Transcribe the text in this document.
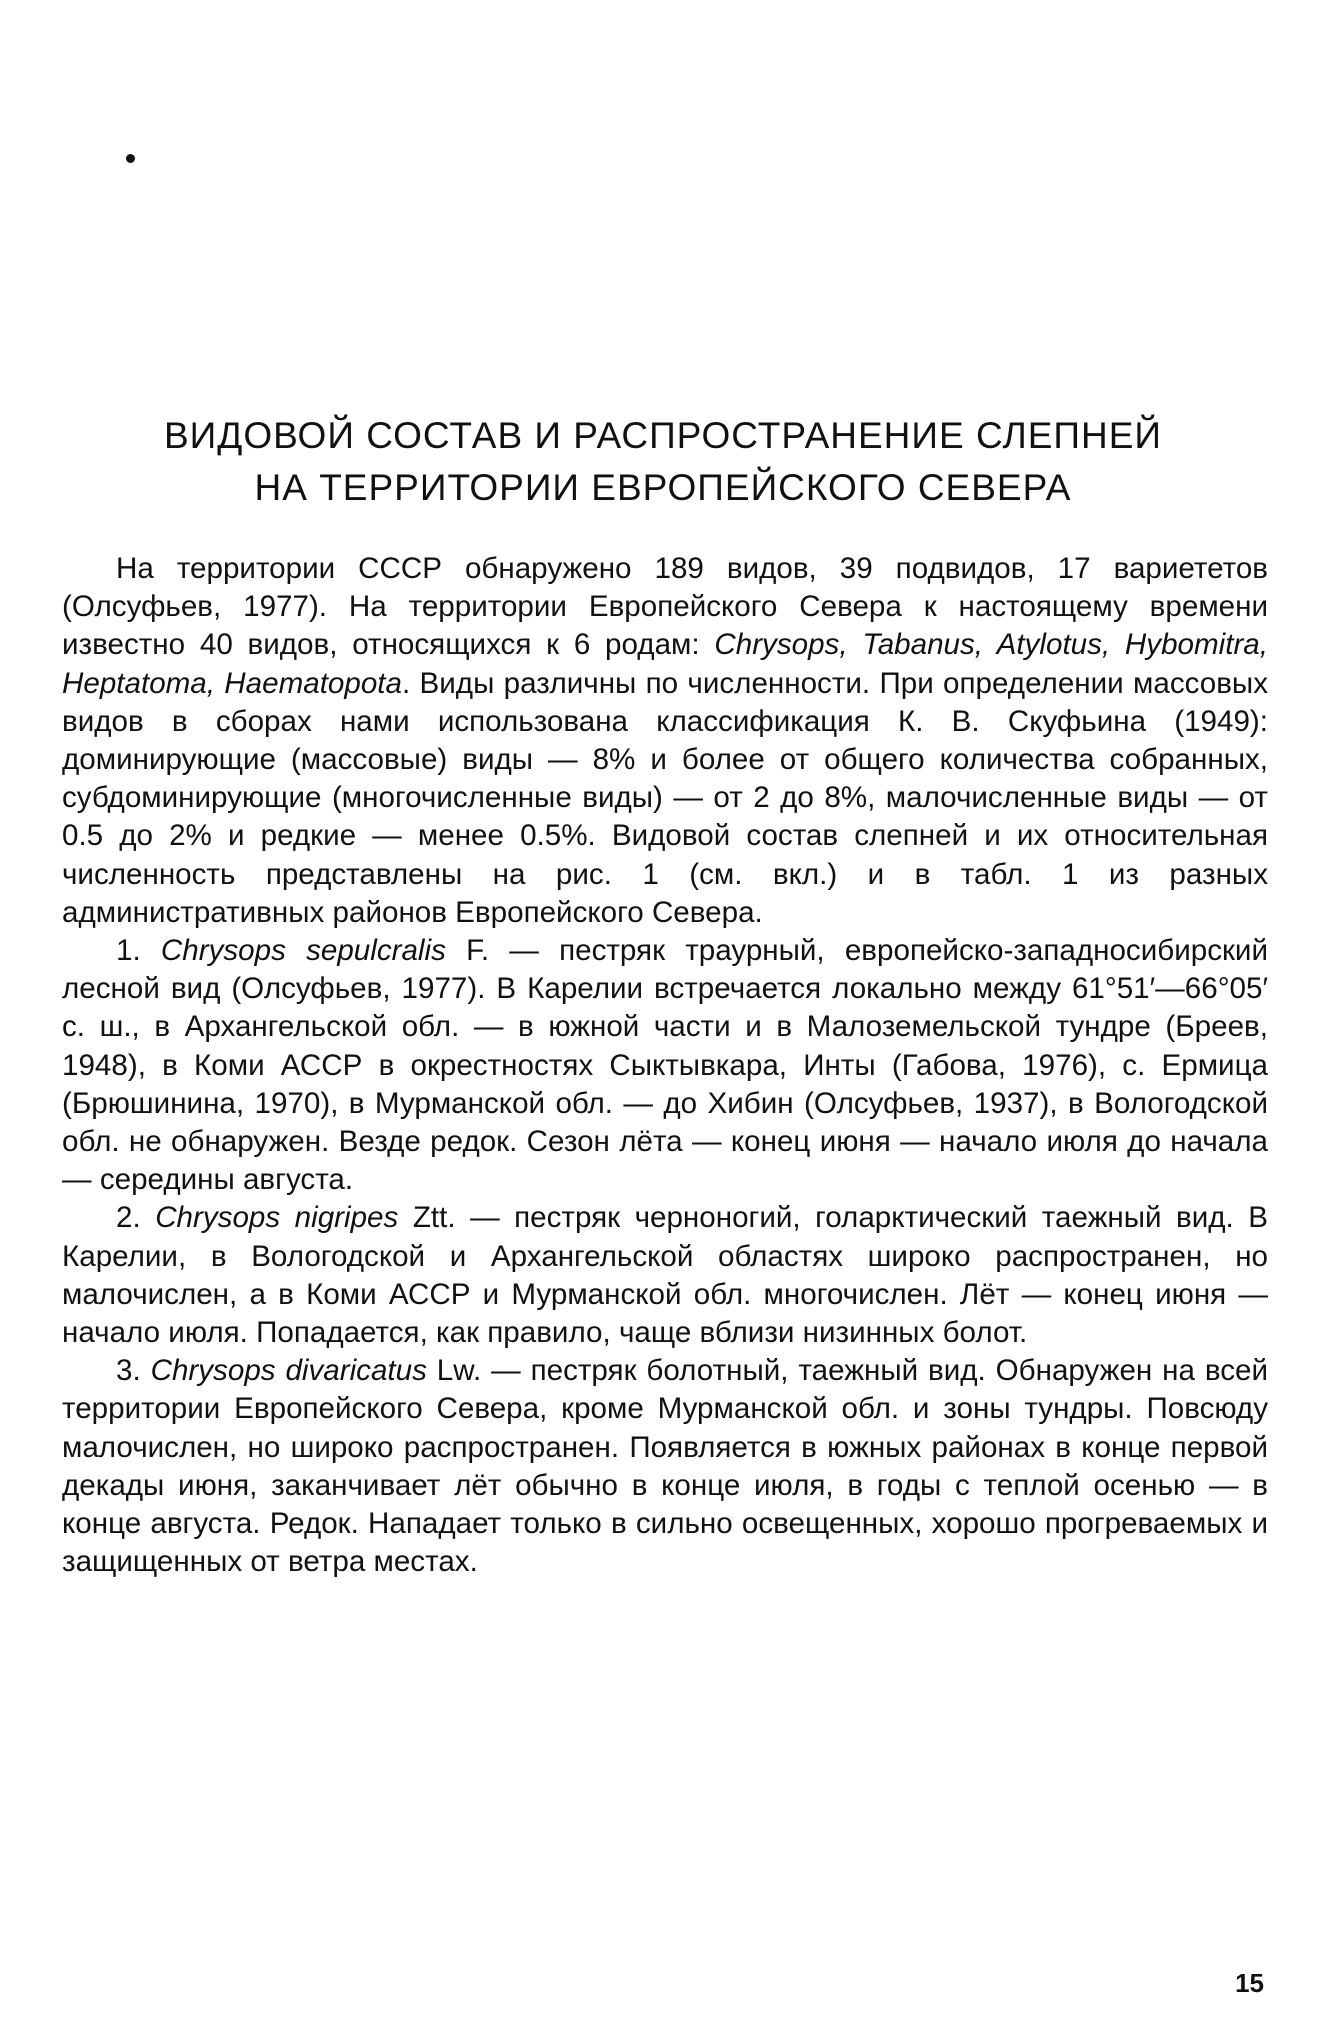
ВИДОВОЙ СОСТАВ И РАСПРОСТРАНЕНИЕ СЛЕПНЕЙ
НА ТЕРРИТОРИИ ЕВРОПЕЙСКОГО СЕВЕРА

На территории СССР обнаружено 189 видов, 39 подвидов, 17 вариететов (Олсуфьев, 1977). На территории Европейского Севера к настоящему времени известно 40 видов, относящихся к 6 родам: Chrysops, Tabanus, Atylotus, Hybomitra, Heptatoma, Haematopota. Виды различны по численности. При определении массовых видов в сборах нами использована классификация К. В. Скуфьина (1949): доминирующие (массовые) виды — 8% и более от общего количества собранных, субдоминирующие (многочисленные виды) — от 2 до 8%, малочисленные виды — от 0.5 до 2% и редкие — менее 0.5%. Видовой состав слепней и их относительная численность представлены на рис. 1 (см. вкл.) и в табл. 1 из разных административных районов Европейского Севера.

1. Chrysops sepulcralis F. — пестряк траурный, европейско-западносибирский лесной вид (Олсуфьев, 1977). В Карелии встречается локально между 61°51′—66°05′ с. ш., в Архангельской обл. — в южной части и в Малоземельской тундре (Бреев, 1948), в Коми АССР в окрестностях Сыктывкара, Инты (Габова, 1976), с. Ермица (Брюшинина, 1970), в Мурманской обл. — до Хибин (Олсуфьев, 1937), в Вологодской обл. не обнаружен. Везде редок. Сезон лёта — конец июня — начало июля до начала — середины августа.

2. Chrysops nigripes Ztt. — пестряк черноногий, голарктический таежный вид. В Карелии, в Вологодской и Архангельской областях широко распространен, но малочислен, а в Коми АССР и Мурманской обл. многочислен. Лёт — конец июня — начало июля. Попадается, как правило, чаще вблизи низинных болот.

3. Chrysops divaricatus Lw. — пестряк болотный, таежный вид. Обнаружен на всей территории Европейского Севера, кроме Мурманской обл. и зоны тундры. Повсюду малочислен, но широко распространен. Появляется в южных районах в конце первой декады июня, заканчивает лёт обычно в конце июля, в годы с теплой осенью — в конце августа. Редок. Нападает только в сильно освещенных, хорошо прогреваемых и защищенных от ветра местах.

15
